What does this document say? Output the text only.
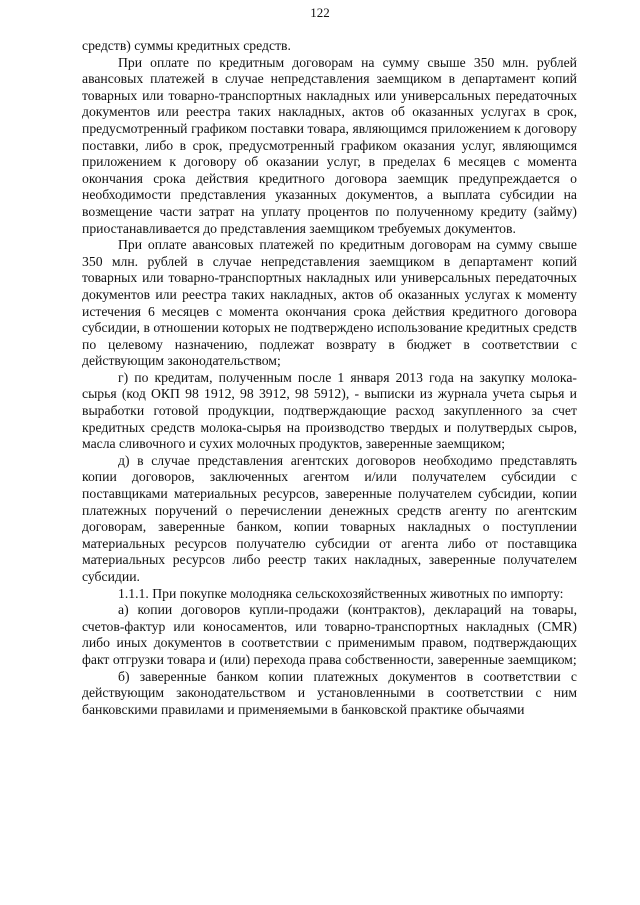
122

средств) суммы кредитных средств.

При оплате по кредитным договорам на сумму свыше 350 млн. рублей авансовых платежей в случае непредставления заемщиком в департамент копий товарных или товарно-транспортных накладных или универсальных передаточных документов или реестра таких накладных, актов об оказанных услугах в срок, предусмотренный графиком поставки товара, являющимся приложением к договору поставки, либо в срок, предусмотренный графиком оказания услуг, являющимся приложением к договору об оказании услуг, в пределах 6 месяцев с момента окончания срока действия кредитного договора заемщик предупреждается о необходимости представления указанных документов, а выплата субсидии на возмещение части затрат на уплату процентов по полученному кредиту (займу) приостанавливается до представления заемщиком требуемых документов.

При оплате авансовых платежей по кредитным договорам на сумму свыше 350 млн. рублей в случае непредставления заемщиком в департамент копий товарных или товарно-транспортных накладных или универсальных передаточных документов или реестра таких накладных, актов об оказанных услугах к моменту истечения 6 месяцев с момента окончания срока действия кредитного договора субсидии, в отношении которых не подтверждено использование кредитных средств по целевому назначению, подлежат возврату в бюджет в соответствии с действующим законодательством;

г) по кредитам, полученным после 1 января 2013 года на закупку молока-сырья (код ОКП 98 1912, 98 3912, 98 5912), - выписки из журнала учета сырья и выработки готовой продукции, подтверждающие расход закупленного за счет кредитных средств молока-сырья на производство твердых и полутвердых сыров, масла сливочного и сухих молочных продуктов, заверенные заемщиком;

д) в случае представления агентских договоров необходимо представлять копии договоров, заключенных агентом и/или получателем субсидии с поставщиками материальных ресурсов, заверенные получателем субсидии, копии платежных поручений о перечислении денежных средств агенту по агентским договорам, заверенные банком, копии товарных накладных о поступлении материальных ресурсов получателю субсидии от агента либо от поставщика материальных ресурсов либо реестр таких накладных, заверенные получателем субсидии.

1.1.1. При покупке молодняка сельскохозяйственных животных по импорту:

а) копии договоров купли-продажи (контрактов), деклараций на товары, счетов-фактур или коносаментов, или товарно-транспортных накладных (CMR) либо иных документов в соответствии с применимым правом, подтверждающих факт отгрузки товара и (или) перехода права собственности, заверенные заемщиком;

б) заверенные банком копии платежных документов в соответствии с действующим законодательством и установленными в соответствии с ним банковскими правилами и применяемыми в банковской практике обычаями
